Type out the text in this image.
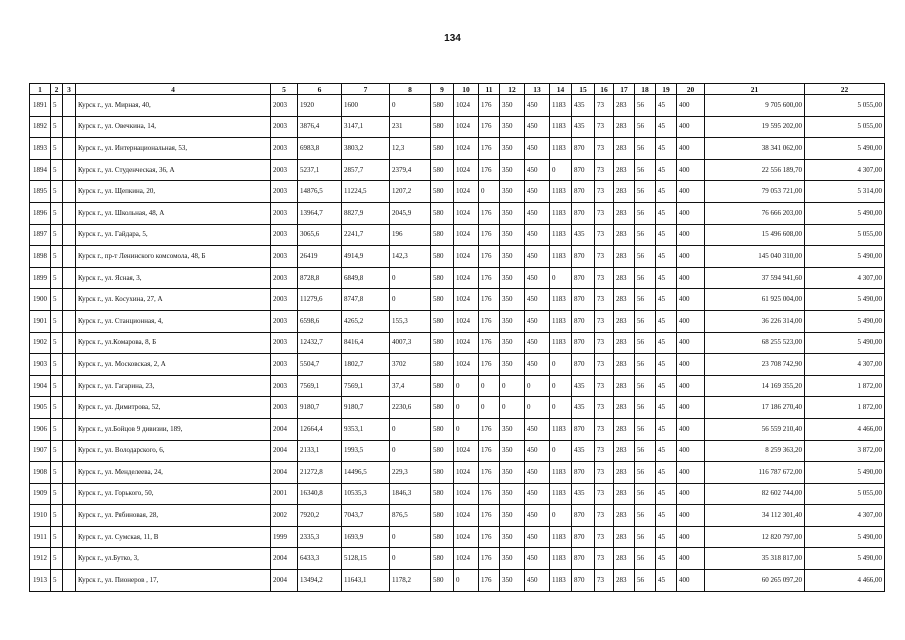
134
1	2	3	4	5	6	7	8	9	10	11	12	13	14	15	16	17	18	19	20	21	22
1891	5		Курск г., ул. Мирная, 40,	2003	1920	1600	0	580	1024	176	350	450	1183	435	73	283	56	45	400	9 705 600,00	5 055,00
1892	5		Курск г., ул. Овечкина, 14,	2003	3876,4	3147,1	231	580	1024	176	350	450	1183	435	73	283	56	45	400	19 595 202,00	5 055,00
1893	5		Курск г., ул. Интернациональная, 53,	2003	6983,8	3803,2	12,3	580	1024	176	350	450	1183	870	73	283	56	45	400	38 341 062,00	5 490,00
1894	5		Курск г., ул. Студенческая, 36, А	2003	5237,1	2857,7	2379,4	580	1024	176	350	450	0	870	73	283	56	45	400	22 556 189,70	4 307,00
1895	5		Курск г., ул. Щепкина, 20,	2003	14876,5	11224,5	1207,2	580	1024	0	350	450	1183	870	73	283	56	45	400	79 053 721,00	5 314,00
1896	5		Курск г., ул. Школьная, 48, А	2003	13964,7	8827,9	2045,9	580	1024	176	350	450	1183	870	73	283	56	45	400	76 666 203,00	5 490,00
1897	5		Курск г., ул. Гайдара, 5,	2003	3065,6	2241,7	196	580	1024	176	350	450	1183	435	73	283	56	45	400	15 496 608,00	5 055,00
1898	5		Курск г., пр-т Ленинского комсомола, 48, Б	2003	26419	4914,9	142,3	580	1024	176	350	450	1183	870	73	283	56	45	400	145 040 310,00	5 490,00
1899	5		Курск г., ул. Ясная, 3,	2003	8728,8	6849,8	0	580	1024	176	350	450	0	870	73	283	56	45	400	37 594 941,60	4 307,00
1900	5		Курск г., ул. Косухина, 27, А	2003	11279,6	8747,8	0	580	1024	176	350	450	1183	870	73	283	56	45	400	61 925 004,00	5 490,00
1901	5		Курск г., ул. Станционная, 4,	2003	6598,6	4265,2	155,3	580	1024	176	350	450	1183	870	73	283	56	45	400	36 226 314,00	5 490,00
1902	5		Курск г., ул.Комарова, 8, Б	2003	12432,7	8416,4	4007,3	580	1024	176	350	450	1183	870	73	283	56	45	400	68 255 523,00	5 490,00
1903	5		Курск г., ул. Московская, 2, А	2003	5504,7	1802,7	3702	580	1024	176	350	450	0	870	73	283	56	45	400	23 708 742,90	4 307,00
1904	5		Курск г., ул. Гагарина, 23,	2003	7569,1	7569,1	37,4	580	0	0	0	0	0	435	73	283	56	45	400	14 169 355,20	1 872,00
1905	5		Курск г., ул. Димитрова, 52,	2003	9180,7	9180,7	2230,6	580	0	0	0	0	0	435	73	283	56	45	400	17 186 270,40	1 872,00
1906	5		Курск г., ул.Бойцов 9 дивизии, 189,	2004	12664,4	9353,1	0	580	0	176	350	450	1183	870	73	283	56	45	400	56 559 210,40	4 466,00
1907	5		Курск г., ул. Володарского, 6,	2004	2133,1	1993,5	0	580	1024	176	350	450	0	435	73	283	56	45	400	8 259 363,20	3 872,00
1908	5		Курск г., ул. Менделеева, 24,	2004	21272,8	14496,5	229,3	580	1024	176	350	450	1183	870	73	283	56	45	400	116 787 672,00	5 490,00
1909	5		Курск г., ул. Горького, 50,	2001	16340,8	10535,3	1846,3	580	1024	176	350	450	1183	435	73	283	56	45	400	82 602 744,00	5 055,00
1910	5		Курск г., ул. Рябиновая, 28,	2002	7920,2	7043,7	876,5	580	1024	176	350	450	0	870	73	283	56	45	400	34 112 301,40	4 307,00
1911	5		Курск г., ул. Сумская, 11, В	1999	2335,3	1693,9	0	580	1024	176	350	450	1183	870	73	283	56	45	400	12 820 797,00	5 490,00
1912	5		Курск г., ул.Бутко, 3,	2004	6433,3	5128,15	0	580	1024	176	350	450	1183	870	73	283	56	45	400	35 318 817,00	5 490,00
1913	5		Курск г., ул. Пионеров , 17,	2004	13494,2	11643,1	1178,2	580	0	176	350	450	1183	870	73	283	56	45	400	60 265 097,20	4 466,00
